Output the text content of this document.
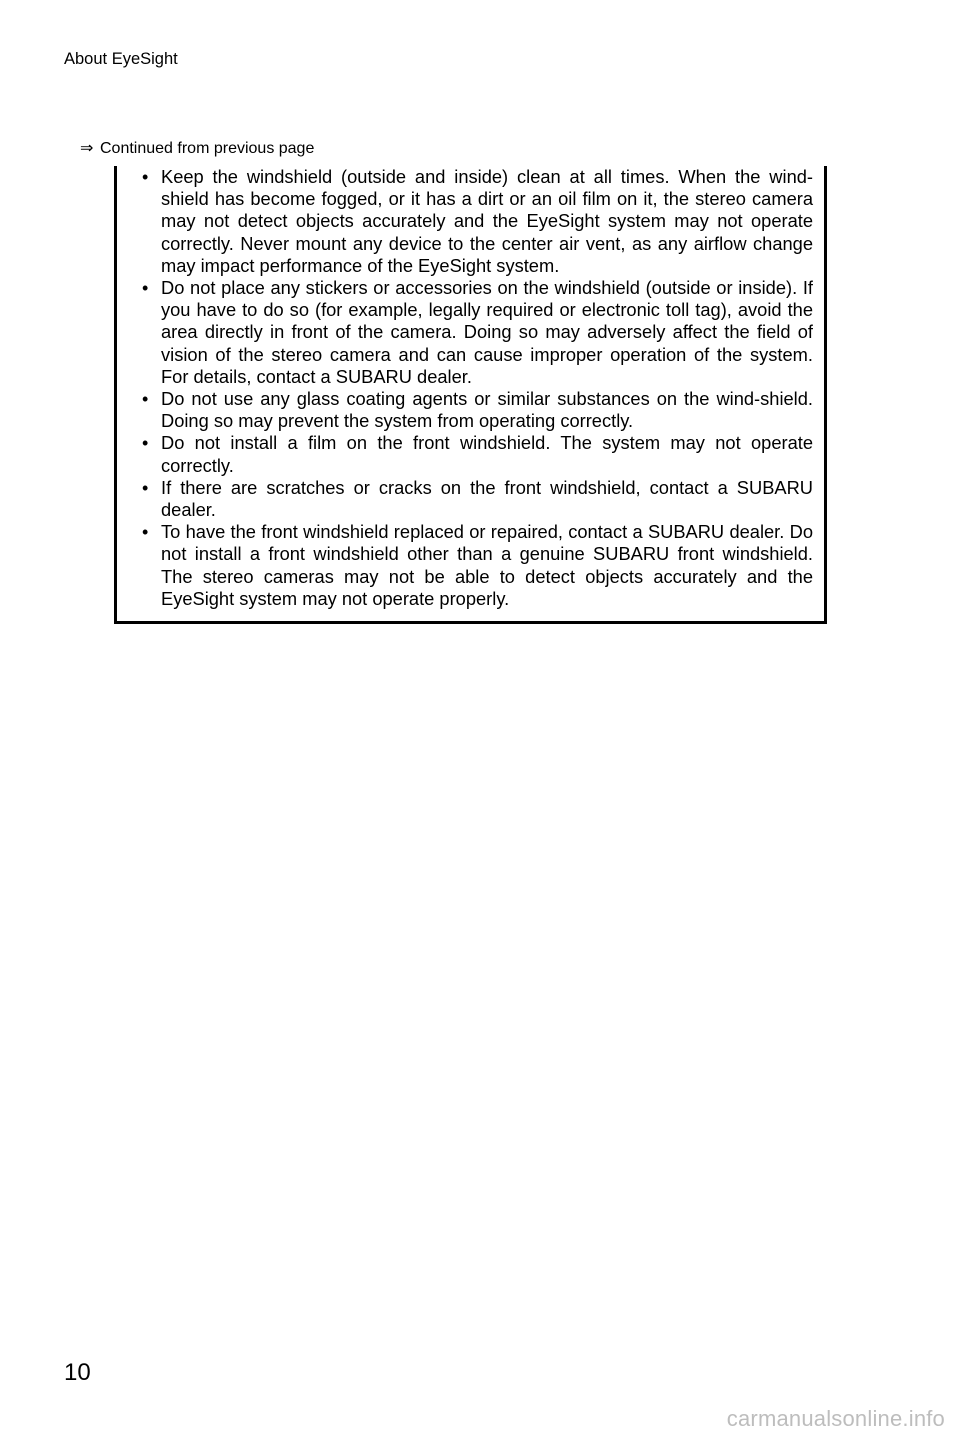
About EyeSight
⇒ Continued from previous page
• Keep the windshield (outside and inside) clean at all times. When the wind-shield has become fogged, or it has a dirt or an oil film on it, the stereo camera may not detect objects accurately and the EyeSight system may not operate correctly. Never mount any device to the center air vent, as any airflow change may impact performance of the EyeSight system.
• Do not place any stickers or accessories on the windshield (outside or inside). If you have to do so (for example, legally required or electronic toll tag), avoid the area directly in front of the camera. Doing so may adversely affect the field of vision of the stereo camera and can cause improper operation of the system. For details, contact a SUBARU dealer.
• Do not use any glass coating agents or similar substances on the wind-shield. Doing so may prevent the system from operating correctly.
• Do not install a film on the front windshield. The system may not operate correctly.
• If there are scratches or cracks on the front windshield, contact a SUBARU dealer.
• To have the front windshield replaced or repaired, contact a SUBARU dealer. Do not install a front windshield other than a genuine SUBARU front windshield. The stereo cameras may not be able to detect objects accurately and the EyeSight system may not operate properly.
10
carmanualsonline.info
